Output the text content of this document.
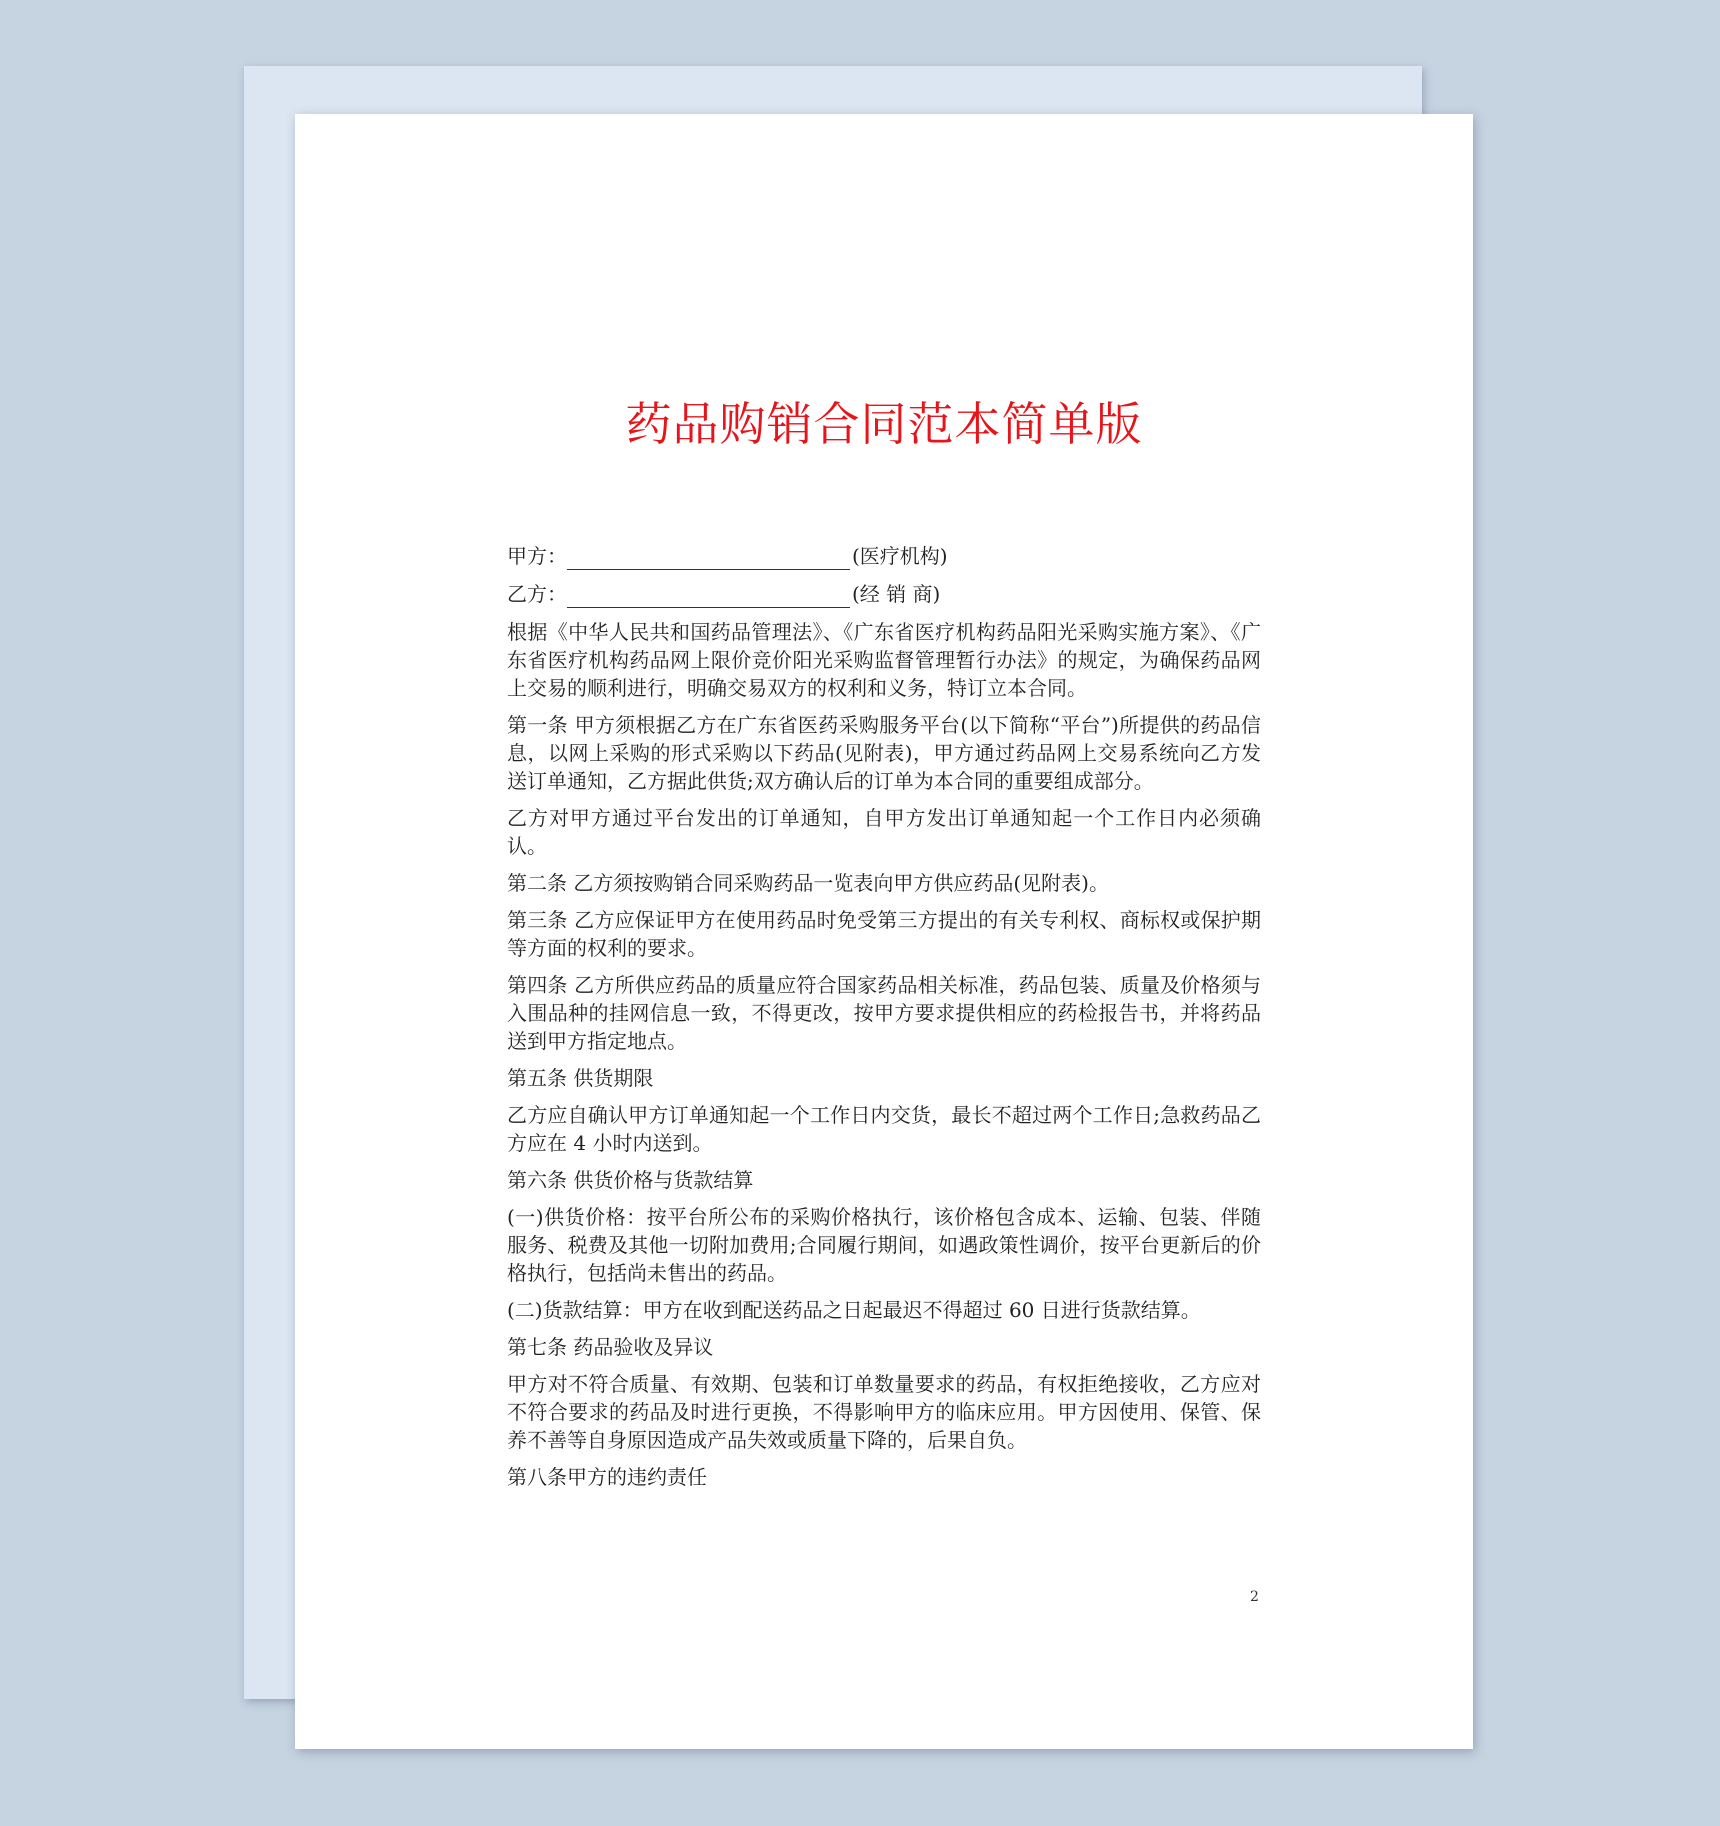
药品购销合同范本简单版
甲方：	(医疗机构)
乙方：	(经 销 商)

根据《中华人民共和国药品管理法》、《广东省医疗机构药品阳光采购实施方案》、《广东省医疗机构药品网上限价竞价阳光采购监督管理暂行办法》的规定，为确保药品网上交易的顺利进行，明确交易双方的权利和义务，特订立本合同。

第一条 甲方须根据乙方在广东省医药采购服务平台(以下简称“平台”)所提供的药品信息，以网上采购的形式采购以下药品(见附表)，甲方通过药品网上交易系统向乙方发送订单通知，乙方据此供货;双方确认后的订单为本合同的重要组成部分。

乙方对甲方通过平台发出的订单通知，自甲方发出订单通知起一个工作日内必须确认。

第二条 乙方须按购销合同采购药品一览表向甲方供应药品(见附表)。

第三条 乙方应保证甲方在使用药品时免受第三方提出的有关专利权、商标权或保护期等方面的权利的要求。

第四条 乙方所供应药品的质量应符合国家药品相关标准，药品包装、质量及价格须与入围品种的挂网信息一致，不得更改，按甲方要求提供相应的药检报告书，并将药品送到甲方指定地点。

第五条 供货期限

乙方应自确认甲方订单通知起一个工作日内交货，最长不超过两个工作日;急救药品乙方应在 4 小时内送到。

第六条 供货价格与货款结算

(一)供货价格：按平台所公布的采购价格执行，该价格包含成本、运输、包装、伴随服务、税费及其他一切附加费用;合同履行期间，如遇政策性调价，按平台更新后的价格执行，包括尚未售出的药品。

(二)货款结算：甲方在收到配送药品之日起最迟不得超过 60 日进行货款结算。

第七条 药品验收及异议

甲方对不符合质量、有效期、包装和订单数量要求的药品，有权拒绝接收，乙方应对不符合要求的药品及时进行更换，不得影响甲方的临床应用。甲方因使用、保管、保养不善等自身原因造成产品失效或质量下降的，后果自负。

第八条甲方的违约责任

2
